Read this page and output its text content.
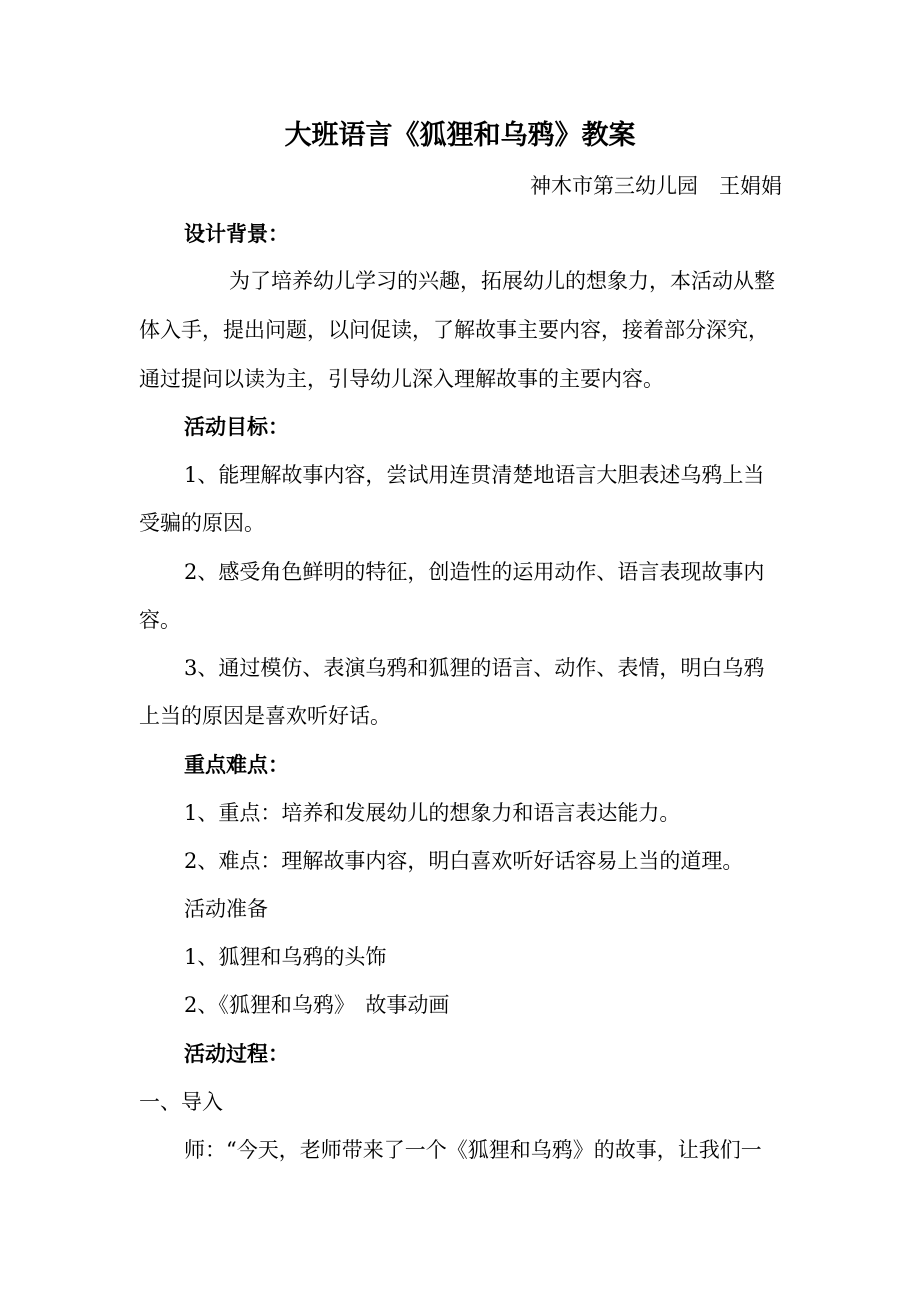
大班语言《狐狸和乌鸦》教案
神木市第三幼儿园　王娟娟
设计背景：
为了培养幼儿学习的兴趣，拓展幼儿的想象力，本活动从整
体入手，提出问题，以问促读，了解故事主要内容，接着部分深究，
通过提问以读为主，引导幼儿深入理解故事的主要内容。
活动目标：
1、能理解故事内容，尝试用连贯清楚地语言大胆表述乌鸦上当
受骗的原因。
2、感受角色鲜明的特征，创造性的运用动作、语言表现故事内
容。
3、通过模仿、表演乌鸦和狐狸的语言、动作、表情，明白乌鸦
上当的原因是喜欢听好话。
重点难点：
1、重点：培养和发展幼儿的想象力和语言表达能力。
2、难点：理解故事内容，明白喜欢听好话容易上当的道理。
活动准备
1、狐狸和乌鸦的头饰
2、《狐狸和乌鸦》　故事动画
活动过程：
一、导入
师：“今天，老师带来了一个《狐狸和乌鸦》的故事，让我们一
